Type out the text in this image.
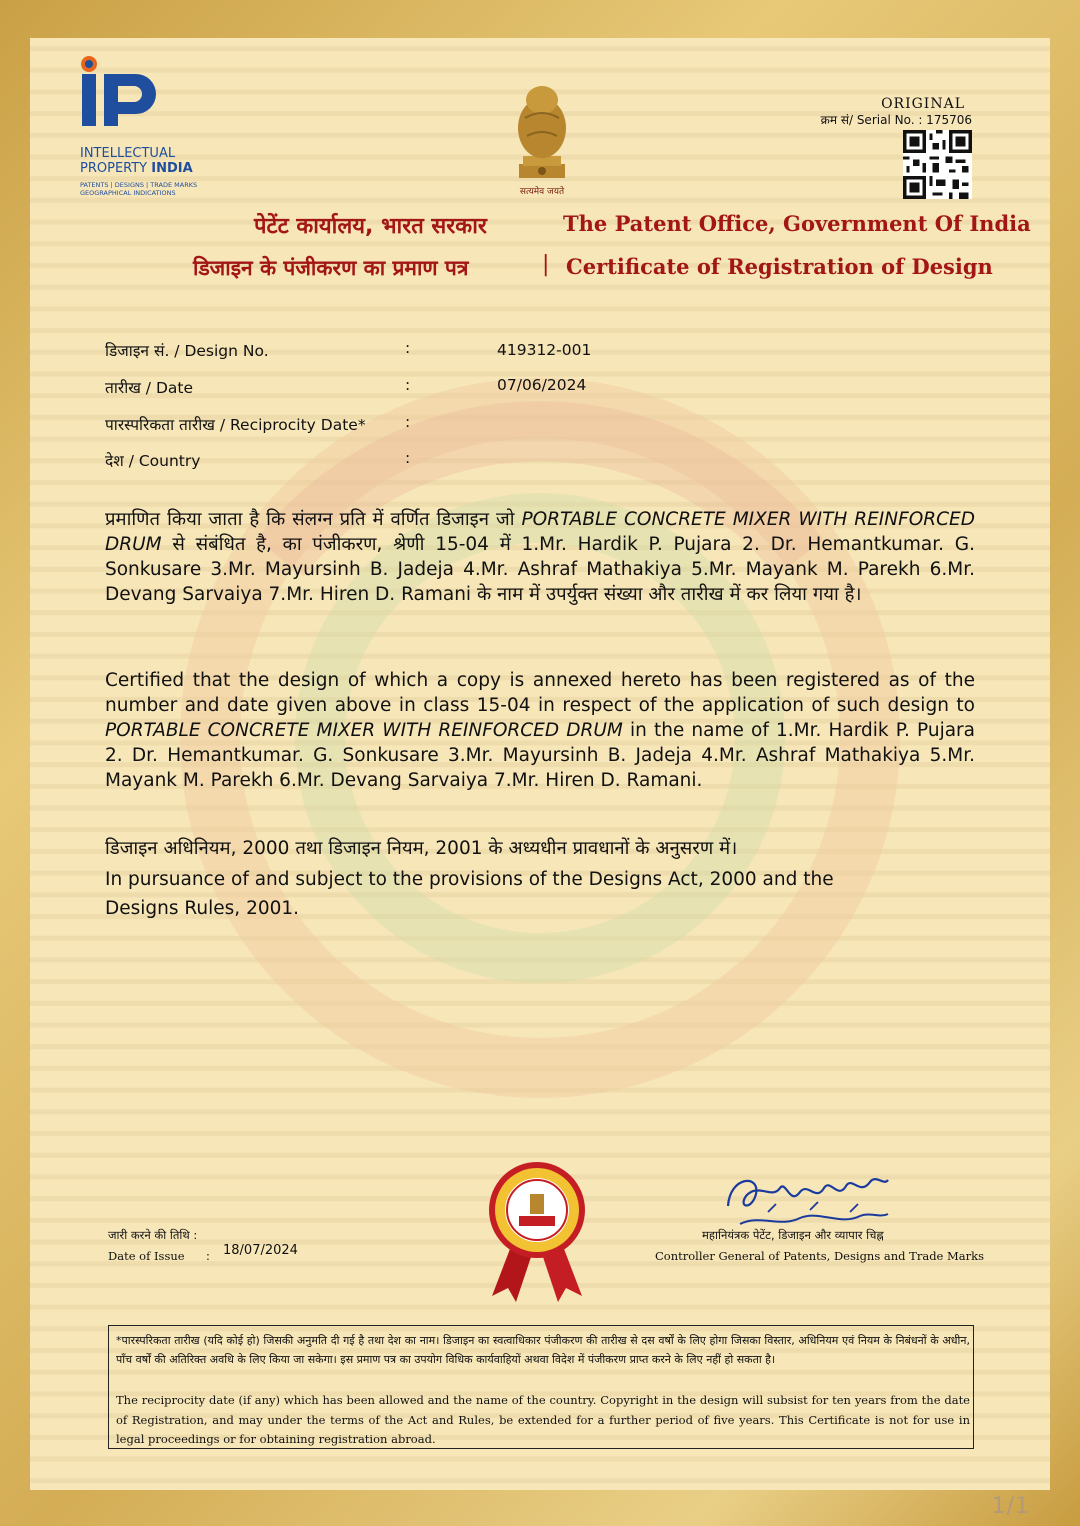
INTELLECTUAL
PROPERTY INDIA
PATENTS | DESIGNS | TRADE MARKS
GEOGRAPHICAL INDICATIONS	सत्यमेव जयते
ORIGINAL
क्रम सं/ Serial No. : 175706
पेटेंट कार्यालय, भारत सरकार	The Patent Office, Government Of India
डिजाइन के पंजीकरण का प्रमाण पत्र	| Certificate of Registration of Design
डिजाइन सं. / Design No.	:	419312-001
तारीख / Date	:	07/06/2024
पारस्परिकता तारीख / Reciprocity Date*	:
देश / Country	:
प्रमाणित किया जाता है कि संलग्न प्रति में वर्णित डिजाइन जो PORTABLE CONCRETE MIXER WITH REINFORCED DRUM से संबंधित है, का पंजीकरण, श्रेणी 15-04 में 1.Mr. Hardik P. Pujara 2. Dr. Hemantkumar. G. Sonkusare 3.Mr. Mayursinh B. Jadeja 4.Mr. Ashraf Mathakiya 5.Mr. Mayank M. Parekh 6.Mr. Devang Sarvaiya 7.Mr. Hiren D. Ramani के नाम में उपर्युक्त संख्या और तारीख में कर लिया गया है।
Certified that the design of which a copy is annexed hereto has been registered as of the number and date given above in class 15-04 in respect of the application of such design to PORTABLE CONCRETE MIXER WITH REINFORCED DRUM in the name of 1.Mr. Hardik P. Pujara 2. Dr. Hemantkumar. G. Sonkusare 3.Mr. Mayursinh B. Jadeja 4.Mr. Ashraf Mathakiya 5.Mr. Mayank M. Parekh 6.Mr. Devang Sarvaiya 7.Mr. Hiren D. Ramani.
डिजाइन अधिनियम, 2000 तथा डिजाइन नियम, 2001 के अध्यधीन प्रावधानों के अनुसरण में।
In pursuance of and subject to the provisions of the Designs Act, 2000 and the Designs Rules, 2001.
जारी करने की तिथि :
Date of Issue : 18/07/2024
महानियंत्रक पेटेंट, डिजाइन और व्यापार चिह्न
Controller General of Patents, Designs and Trade Marks
*पारस्परिकता तारीख (यदि कोई हो) जिसकी अनुमति दी गई है तथा देश का नाम। डिजाइन का स्वत्वाधिकार पंजीकरण की तारीख से दस वर्षों के लिए होगा जिसका विस्तार, अधिनियम एवं नियम के निबंधनों के अधीन, पाँच वर्षों की अतिरिक्त अवधि के लिए किया जा सकेगा। इस प्रमाण पत्र का उपयोग विधिक कार्यवाहियों अथवा विदेश में पंजीकरण प्राप्त करने के लिए नहीं हो सकता है।
The reciprocity date (if any) which has been allowed and the name of the country. Copyright in the design will subsist for ten years from the date of Registration, and may under the terms of the Act and Rules, be extended for a further period of five years. This Certificate is not for use in legal proceedings or for obtaining registration abroad.
1/1
